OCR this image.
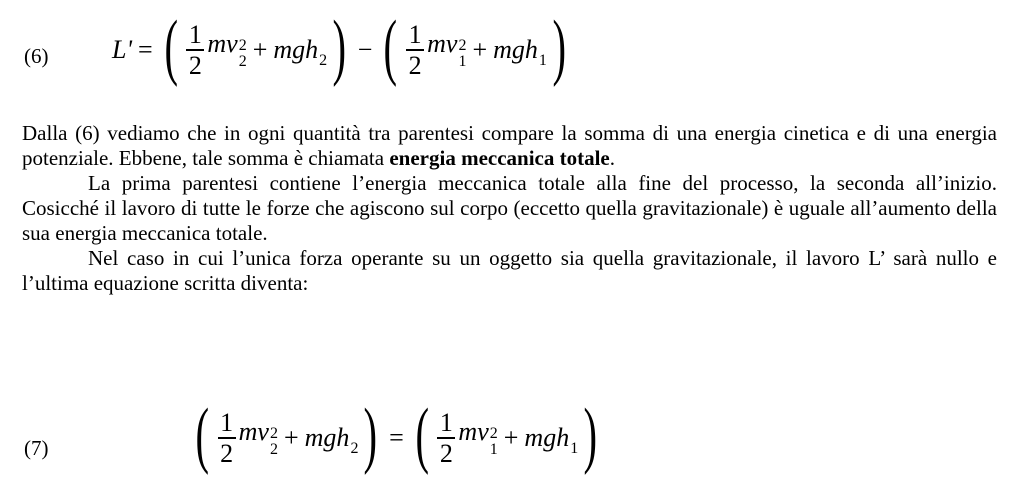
(6) L' = ( $\frac{1}{2}$ mv 2
2 + mgh 2 ) − ( $\frac{1}{2}$ mv 2
1 + mgh 1 )

Dalla (6) vediamo che in ogni quantità tra parentesi compare la somma di una energia cinetica e di una energia potenziale. Ebbene, tale somma è chiamata energia meccanica totale.

La prima parentesi contiene l’energia meccanica totale alla fine del processo, la seconda all’inizio. Cosicché il lavoro di tutte le forze che agiscono sul corpo (eccetto quella gravitazionale) è uguale all’aumento della sua energia meccanica totale.

Nel caso in cui l’unica forza operante su un oggetto sia quella gravitazionale, il lavoro L’ sarà nullo e l’ultima equazione scritta diventa:

(7) ( $\frac{1}{2}$ mv 2
2 + mgh 2 ) = ( $\frac{1}{2}$ mv 2
1 + mgh 1 )
